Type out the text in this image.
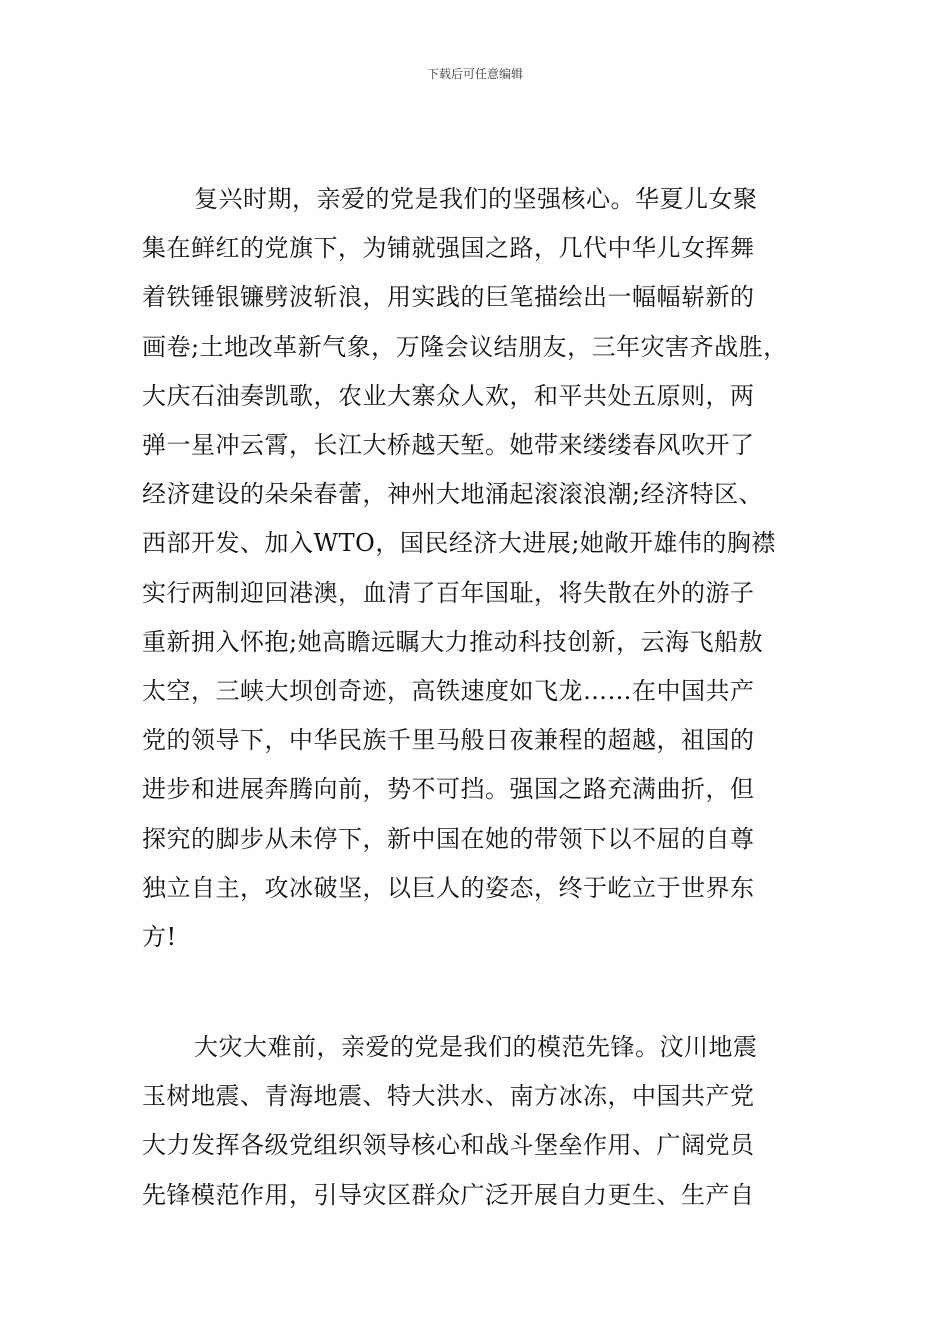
下载后可任意编辑

复兴时期，亲爱的党是我们的坚强核心。华夏儿女聚
集在鲜红的党旗下，为铺就强国之路，几代中华儿女挥舞
着铁锤银镰劈波斩浪，用实践的巨笔描绘出一幅幅崭新的
画卷;土地改革新气象，万隆会议结朋友，三年灾害齐战胜，
大庆石油奏凯歌，农业大寨众人欢，和平共处五原则，两
弹一星冲云霄，长江大桥越天堑。她带来缕缕春风吹开了
经济建设的朵朵春蕾，神州大地涌起滚滚浪潮;经济特区、
西部开发、加入WTO，国民经济大进展;她敞开雄伟的胸襟
实行两制迎回港澳，血清了百年国耻，将失散在外的游子
重新拥入怀抱;她高瞻远瞩大力推动科技创新，云海飞船敖
太空，三峡大坝创奇迹，高铁速度如飞龙……在中国共产
党的领导下，中华民族千里马般日夜兼程的超越，祖国的
进步和进展奔腾向前，势不可挡。强国之路充满曲折，但
探究的脚步从未停下，新中国在她的带领下以不屈的自尊
独立自主，攻冰破坚，以巨人的姿态，终于屹立于世界东
方!

大灾大难前，亲爱的党是我们的模范先锋。汶川地震
玉树地震、青海地震、特大洪水、南方冰冻，中国共产党
大力发挥各级党组织领导核心和战斗堡垒作用、广阔党员
先锋模范作用，引导灾区群众广泛开展自力更生、生产自
